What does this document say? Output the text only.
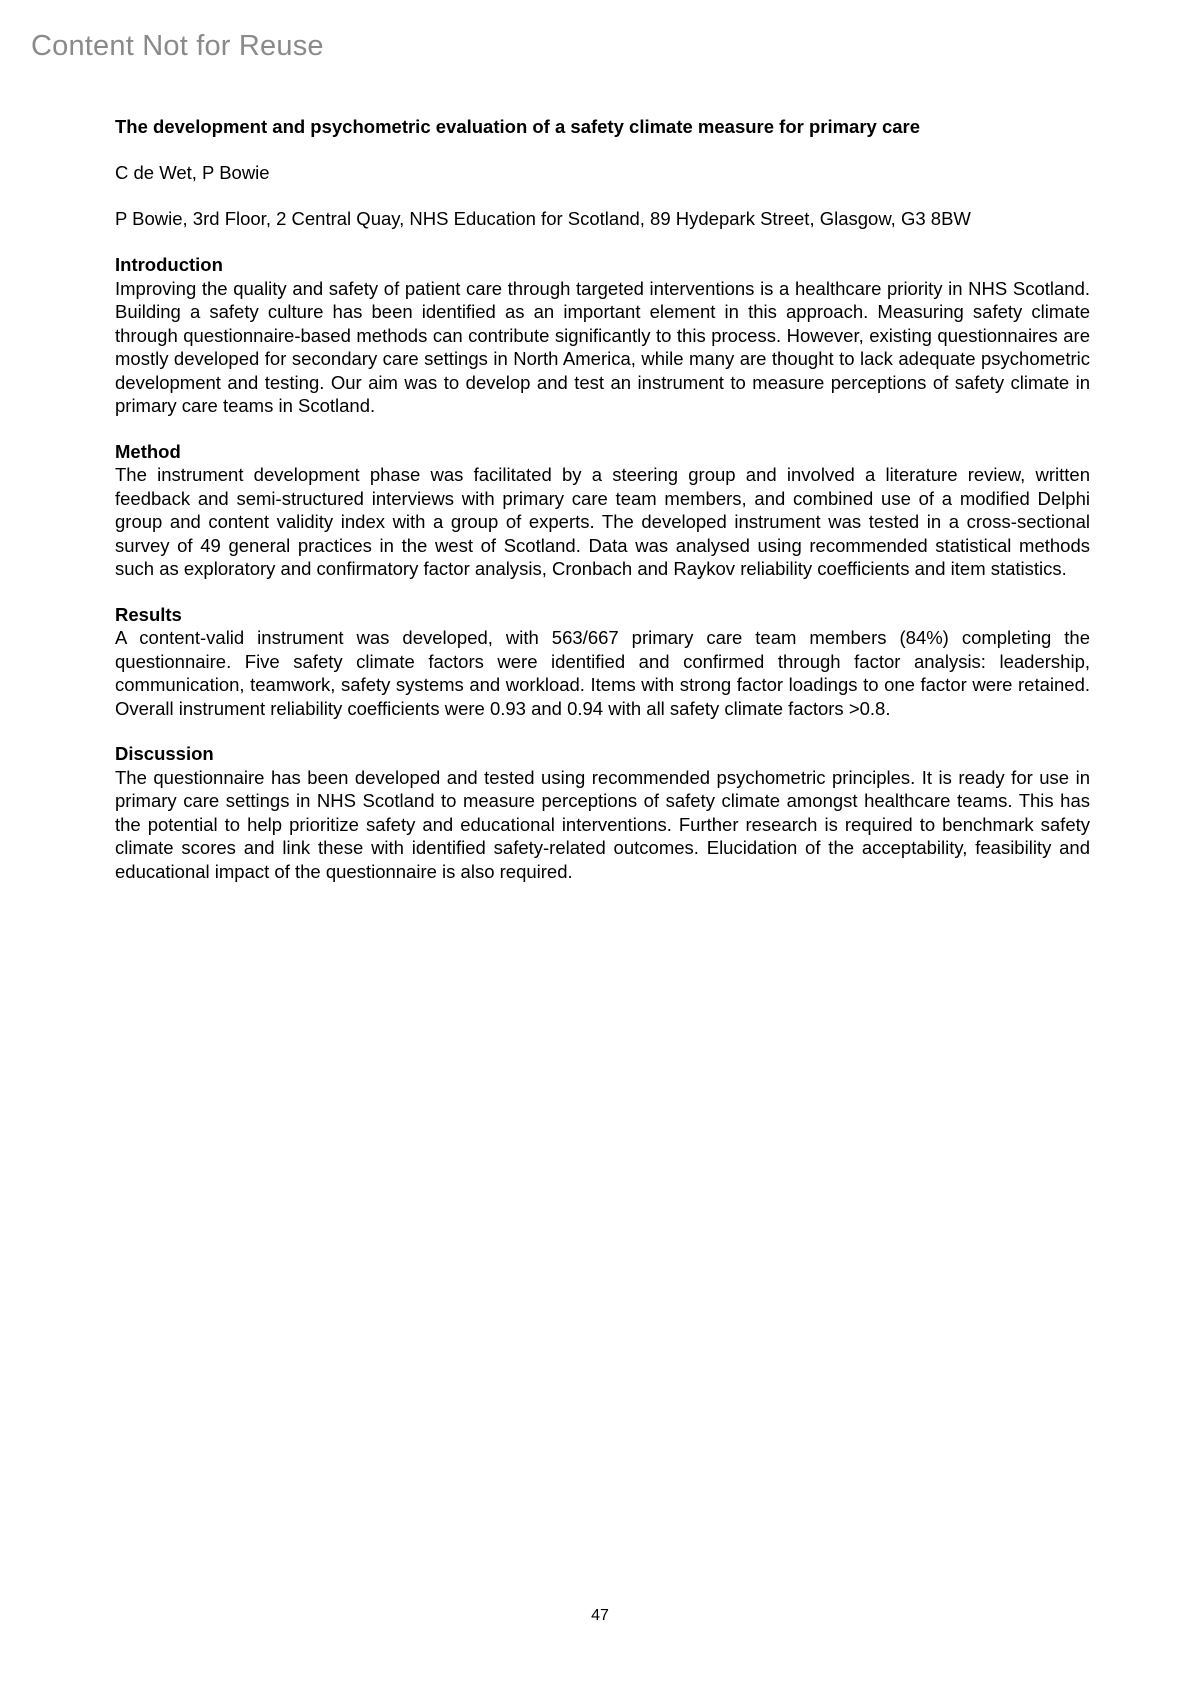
Content Not for Reuse

The development and psychometric evaluation of a safety climate measure for primary care

C de Wet, P Bowie

P Bowie, 3rd Floor, 2 Central Quay, NHS Education for Scotland, 89 Hydepark Street, Glasgow, G3 8BW

Introduction

Improving the quality and safety of patient care through targeted interventions is a healthcare priority in NHS Scotland. Building a safety culture has been identified as an important element in this approach. Measuring safety climate through questionnaire-based methods can contribute significantly to this process. However, existing questionnaires are mostly developed for secondary care settings in North America, while many are thought to lack adequate psychometric development and testing. Our aim was to develop and test an instrument to measure perceptions of safety climate in primary care teams in Scotland.

Method

The instrument development phase was facilitated by a steering group and involved a literature review, written feedback and semi-structured interviews with primary care team members, and combined use of a modified Delphi group and content validity index with a group of experts. The developed instrument was tested in a cross-sectional survey of 49 general practices in the west of Scotland. Data was analysed using recommended statistical methods such as exploratory and confirmatory factor analysis, Cronbach and Raykov reliability coefficients and item statistics.

Results

A content-valid instrument was developed, with 563/667 primary care team members (84%) completing the questionnaire. Five safety climate factors were identified and confirmed through factor analysis: leadership, communication, teamwork, safety systems and workload. Items with strong factor loadings to one factor were retained. Overall instrument reliability coefficients were 0.93 and 0.94 with all safety climate factors >0.8.

Discussion

The questionnaire has been developed and tested using recommended psychometric principles. It is ready for use in primary care settings in NHS Scotland to measure perceptions of safety climate amongst healthcare teams. This has the potential to help prioritize safety and educational interventions. Further research is required to benchmark safety climate scores and link these with identified safety-related outcomes. Elucidation of the acceptability, feasibility and educational impact of the questionnaire is also required.

47
